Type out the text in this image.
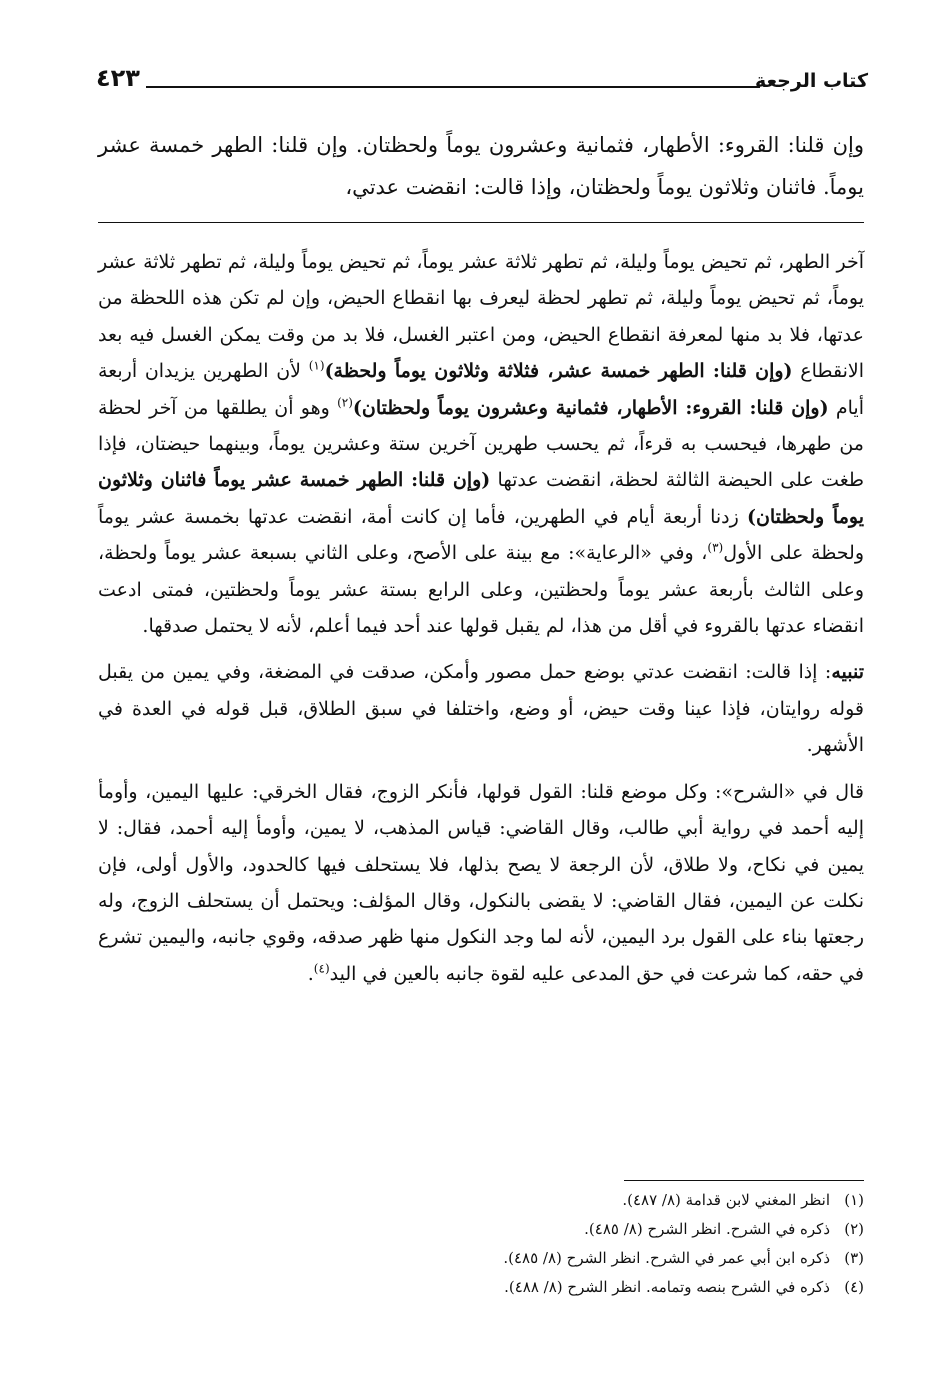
كتاب الرجعة
٤٢٣
وإن قلنا: القروء: الأطهار، فثمانية وعشرون يوماً ولحظتان. وإن قلنا: الطهر خمسة عشر يوماً. فاثنان وثلاثون يوماً ولحظتان، وإذا قالت: انقضت عدتي،

آخر الطهر، ثم تحيض يوماً وليلة، ثم تطهر ثلاثة عشر يوماً، ثم تحيض يوماً وليلة، ثم تطهر ثلاثة عشر يوماً، ثم تحيض يوماً وليلة، ثم تطهر لحظة ليعرف بها انقطاع الحيض، وإن لم تكن هذه اللحظة من عدتها، فلا بد منها لمعرفة انقطاع الحيض، ومن اعتبر الغسل، فلا بد من وقت يمكن الغسل فيه بعد الانقطاع (وإن قلنا: الطهر خمسة عشر، فثلاثة وثلاثون يوماً ولحظة)$^{(١)}$ لأن الطهرين يزيدان أربعة أيام (وإن قلنا: القروء: الأطهار، فثمانية وعشرون يوماً ولحظتان)$^{(٢)}$ وهو أن يطلقها من آخر لحظة من طهرها، فيحسب به قرءاً، ثم يحسب طهرين آخرين ستة وعشرين يوماً، وبينهما حيضتان، فإذا طغت على الحيضة الثالثة لحظة، انقضت عدتها (وإن قلنا: الطهر خمسة عشر يوماً فاثنان وثلاثون يوماً ولحظتان) زدنا أربعة أيام في الطهرين، فأما إن كانت أمة، انقضت عدتها بخمسة عشر يوماً ولحظة على الأول$^{(٣)}$، وفي «الرعاية»: مع بينة على الأصح، وعلى الثاني بسبعة عشر يوماً ولحظة، وعلى الثالث بأربعة عشر يوماً ولحظتين، وعلى الرابع بستة عشر يوماً ولحظتين، فمتى ادعت انقضاء عدتها بالقروء في أقل من هذا، لم يقبل قولها عند أحد فيما أعلم، لأنه لا يحتمل صدقها.

تنبيه: إذا قالت: انقضت عدتي بوضع حمل مصور وأمكن، صدقت في المضغة، وفي يمين من يقبل قوله روايتان، فإذا عينا وقت حيض، أو وضع، واختلفا في سبق الطلاق، قبل قوله في العدة في الأشهر.

قال في «الشرح»: وكل موضع قلنا: القول قولها، فأنكر الزوج، فقال الخرقي: عليها اليمين، وأومأ إليه أحمد في رواية أبي طالب، وقال القاضي: قياس المذهب، لا يمين، وأومأ إليه أحمد، فقال: لا يمين في نكاح، ولا طلاق، لأن الرجعة لا يصح بذلها، فلا يستحلف فيها كالحدود، والأول أولى، فإن نكلت عن اليمين، فقال القاضي: لا يقضى بالنكول، وقال المؤلف: ويحتمل أن يستحلف الزوج، وله رجعتها بناء على القول برد اليمين، لأنه لما وجد النكول منها ظهر صدقه، وقوي جانبه، واليمين تشرع في حقه، كما شرعت في حق المدعى عليه لقوة جانبه بالعين في اليد$^{(٤)}$.

(١)انظر المغني لابن قدامة (٨/ ٤٨٧).
(٢)ذكره في الشرح. انظر الشرح (٨/ ٤٨٥).
(٣)ذكره ابن أبي عمر في الشرح. انظر الشرح (٨/ ٤٨٥).
(٤)ذكره في الشرح بنصه وتمامه. انظر الشرح (٨/ ٤٨٨).
